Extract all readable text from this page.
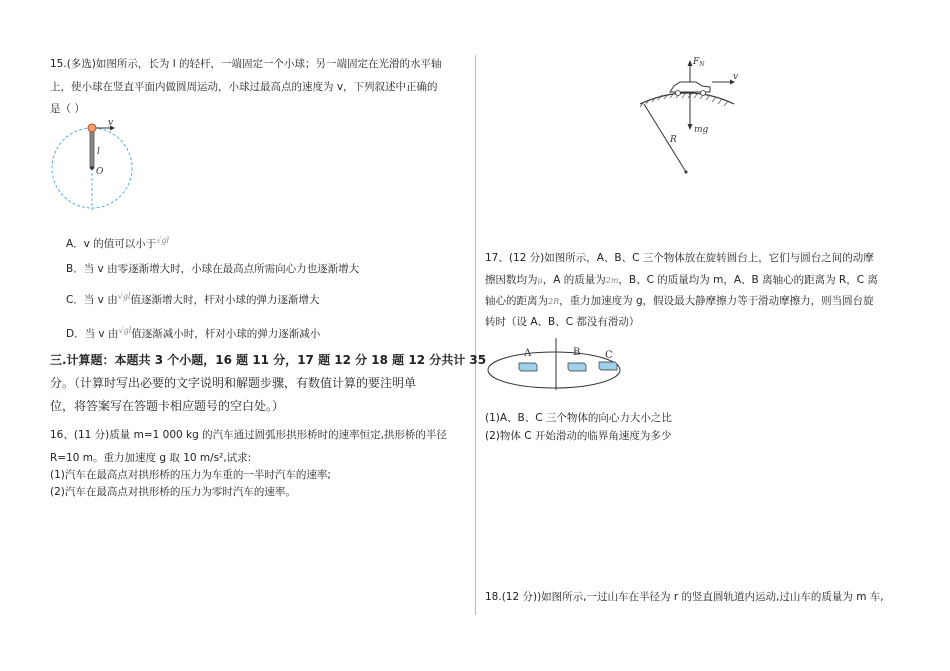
15.(多选)如图所示，长为 l 的轻杆，一端固定一个小球；另一端固定在光滑的水平轴
上，使小球在竖直平面内做圆周运动，小球过最高点的速度为 v，下列叙述中正确的
是（ ）
v
l
O
A．v 的值可以小于$^{√gl}$
B．当 v 由零逐渐增大时，小球在最高点所需向心力也逐渐增大
C．当 v 由$^{√gl}$值逐渐增大时，杆对小球的弹力逐渐增大
D．当 v 由$^{√gl}$值逐渐减小时，杆对小球的弹力逐渐减小
三.计算题：本题共 3 个小题，16 题 11 分，17 题 12 分 18 题 12 分共计 35
分。（计算时写出必要的文字说明和解题步骤，有数值计算的要注明单
位，将答案写在答题卡相应题号的空白处。）
16、(11 分)质量 m=1 000 kg 的汽车通过圆弧形拱形桥时的速率恒定,拱形桥的半径
R=10 m。重力加速度 g 取 10 m/s²,试求:
(1)汽车在最高点对拱形桥的压力为车重的一半时汽车的速率;
(2)汽车在最高点对拱形桥的压力为零时汽车的速率。
$F_N$
v
mg
R
17、(12 分)如图所示，A、B、C 三个物体放在旋转圆台上，它们与圆台之间的动摩
擦因数均为μ，A 的质量为2m，B、C 的质量均为 m，A、B 离轴心的距离为 R，C 离
轴心的距离为2R，重力加速度为 g，假设最大静摩擦力等于滑动摩擦力，则当圆台旋
转时（设 A、B、C 都没有滑动）
A	B C
(1)A、B、C 三个物体的向心力大小之比
(2)物体 C 开始滑动的临界角速度为多少
18.(12 分))如图所示,一过山车在半径为 r 的竖直圆轨道内运动,过山车的质量为 m 车,
